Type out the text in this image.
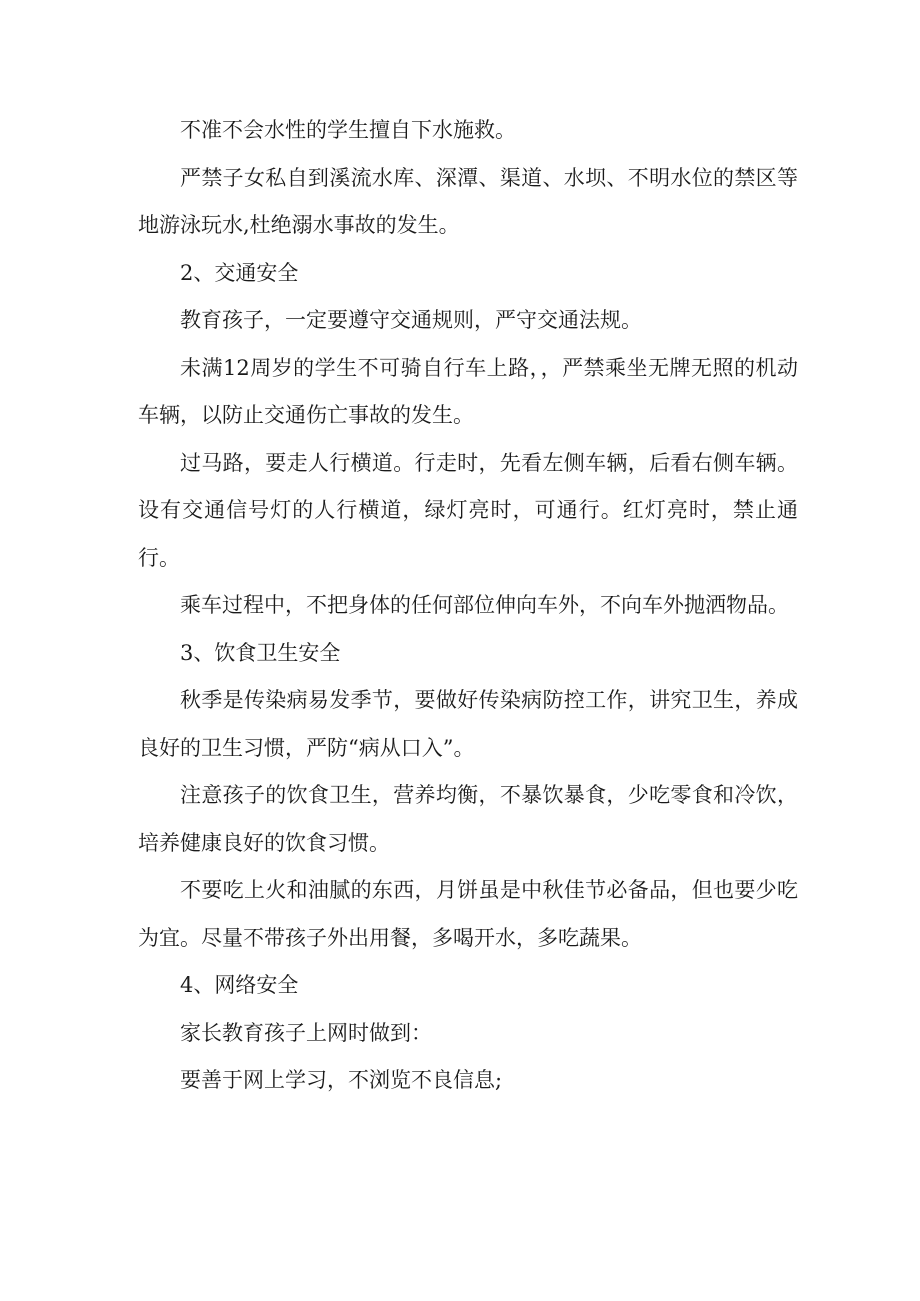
不准不会水性的学生擅自下水施救。

严禁子女私自到溪流水库、深潭、渠道、水坝、不明水位的禁区等地游泳玩水,杜绝溺水事故的发生。

2、交通安全

教育孩子，一定要遵守交通规则，严守交通法规。

未满12周岁的学生不可骑自行车上路，，严禁乘坐无牌无照的机动车辆，以防止交通伤亡事故的发生。

过马路，要走人行横道。行走时，先看左侧车辆，后看右侧车辆。设有交通信号灯的人行横道，绿灯亮时，可通行。红灯亮时，禁止通行。

乘车过程中，不把身体的任何部位伸向车外，不向车外抛洒物品。

3、饮食卫生安全

秋季是传染病易发季节，要做好传染病防控工作，讲究卫生，养成良好的卫生习惯，严防“病从口入”。

注意孩子的饮食卫生，营养均衡，不暴饮暴食，少吃零食和冷饮，培养健康良好的饮食习惯。

不要吃上火和油腻的东西，月饼虽是中秋佳节必备品，但也要少吃为宜。尽量不带孩子外出用餐，多喝开水，多吃蔬果。

4、网络安全

家长教育孩子上网时做到：

要善于网上学习，不浏览不良信息;
